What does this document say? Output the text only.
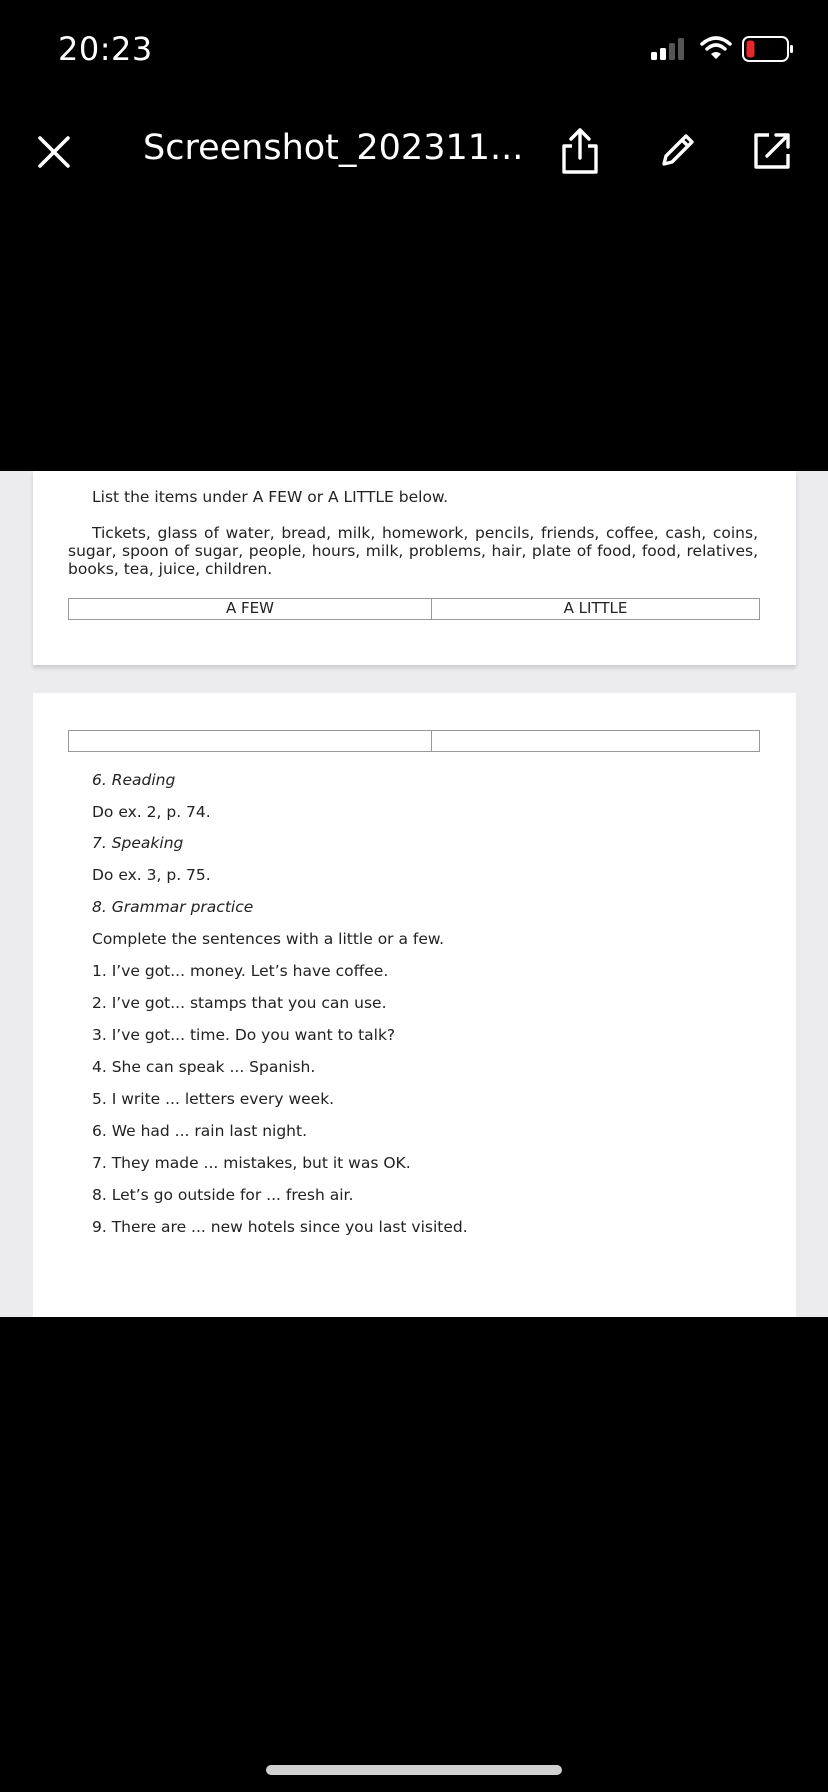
20:23
Screenshot_202311...
List the items under A FEW or A LITTLE below.
Tickets, glass of water, bread, milk, homework, pencils, friends, coffee, cash, coins, sugar, spoon of sugar, people, hours, milk, problems, hair, plate of food, food, relatives, books, tea, juice, children.
A FEW	A LITTLE
6. Reading
Do ex. 2, p. 74.
7. Speaking
Do ex. 3, p. 75.
8. Grammar practice
Complete the sentences with a little or a few.
1. I’ve got... money. Let’s have coffee.
2. I’ve got... stamps that you can use.
3. I’ve got... time. Do you want to talk?
4. She can speak ... Spanish.
5. I write ... letters every week.
6. We had ... rain last night.
7. They made ... mistakes, but it was OK.
8. Let’s go outside for ... fresh air.
9. There are ... new hotels since you last visited.
